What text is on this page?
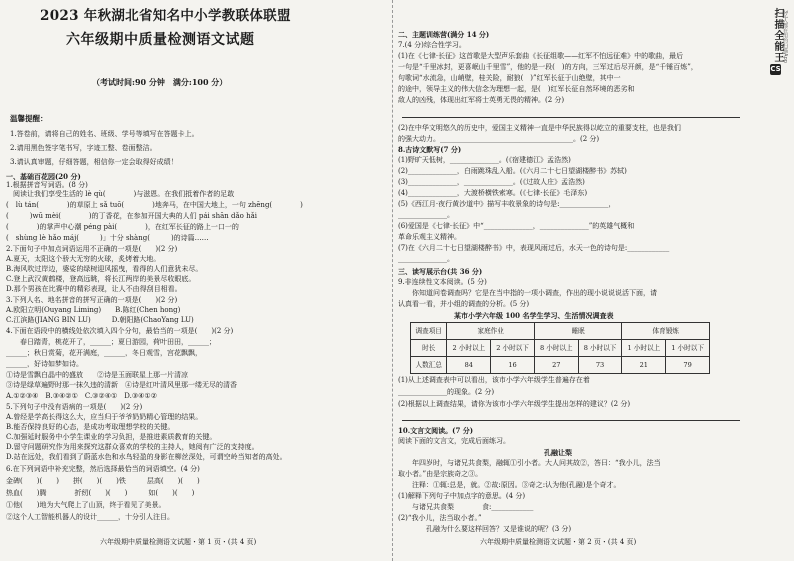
2023 年秋湖北省知名中小学教联体联盟
六年级期中质量检测语文试题
（考试时间:90 分钟　满分:100 分）
温馨提醒：
1.答卷前，请将自己的姓名、班级、学号等填写在答题卡上。
2.请用黑色签字笔书写，字迹工整、卷面整洁。
3.请认真审题，仔细答题，相信你一定会取得好成绩！
一、基础百花园(20 分)
1.根据拼音写词语。(8 分)
　阅读让我们享受生活的 lè qù(　　　　)与滋恩。在我们抵着作者的足敢
(　lù tán(　　　　)的草原上 sǎ tuō(　　　　)地奔马，在中国大地上，一句 zhēng(　　　　)
(　　　)wū mèi(　　　　)的丁香花，在参加开国大典的人们 pái shān dǎo hǎi
(　　　　)的掌声中心潮 péng pài(　　　　)，在红军长征的路上一口一的
(　shùng lè hǎo máj(　　　)」十分 shàng(　　　)的诗篇……
2.下面句子中加点词语运用不正确的一项是(　　)(2 分)
A.夏天，太阳这个骄大无穷的火球，炙烤着大地。
B.海风吹过岸边，婆娑的绿树迎风摇曳，看得的人们意犹未尽。
C.登上武汉黄鹤楼，登高远眺，将长江两岸的美景尽收眼底。
D.那个男孩在比赛中的精彩表现，让人不由得刮目相看。
3.下列人名、地名拼音的拼写正确的一项是(　　)(2 分)
A.欧阳立明(Ouyang Liming)　　B.陈红(Chen hong)
C.江滨路(JIANG BIN LU)　　　D.朝阳路(ChaoYang LU)
4.下面在语段中的横线处依次填入四个分句，最恰当的一项是(　　)(2 分)
　　春日踏青，桃花开了，______；夏日游园，荷叶田田，______；
______；秋日赏菊，花开满庭，______，冬日观雪，宫花飘飘，
______，好诗如梦如诗。
①诗是雪飘白晶中的盛放　　②诗是玉面联星上那一片清凉
③诗是绿草遍野时那一抹久违的清新　④诗是红叶清风里那一缕无尽的清香
A.①②③④　B.③④②①　C.③②④①　D.③④①②
5.下列句子中没有语病的一项是(　　)(2 分)
A.曾经是学高长得这么大，应当归于爷爷奶奶精心管理的结果。
B.能否保持良好的心态，是成功考取理想学校的关键。
C.加强延时服务中小学生课业的学习负担，是推进素质教育的关键。
D.留守问题研究作为用来探究这群众喜欢的学校的主持人，她阅有广泛的支持度。
D.站在远处，我们看到了蔚蓝水色和水鸟轻盈的身影在柳丝深处，可谓空岭当知者的高处。
6.在下列词语中补充完整，然后选择最恰当的词语填空。(4 分)
金碑(　　)(　　)　　拼(　　)(　　)铁　　　层高(　　)(　　)
热血(　　)腾　　　　折纫(　　)(　　)　　　如(　　)(　　)
①他(　　)地为大气爬上了山顶，终于看见了美景。
②这个人工智能机器人的设计______，十分引人注目。
六年级期中质量检测语文试题・第 1 页・(共 4 页)
二、主题训练营(满分 14 分)
7.(4 分)综合性学习。
(1)在《七律·长征》这首歌是大型声乐套曲《长征组歌——红军不怕远征难》中的歌曲，最后
一句是“千里冰封，更喜岷山千里雪”，他的是一段(　)的方向，三军过后尽开颜，是“千锤百炼”，
句歌词“水流急，山峭壁，桂关险，耐狼(　)”红军长征于山绝壁，其中一
的途中，领导主义的伟大信念为理想一起，是(　)红军长征自然环境的恶劣和
敌人的凶残，体现出红军将士英勇无畏的精神。(2 分)
(2)在中华文明悠久的历史中，爱国主义精神一直是中华民族得以屹立的重要支柱，也是我们
的强大动力。______________________________________。(2 分)
8.古诗文默写(7 分)
(1)野旷天低树，______________。(《宿建德江》孟浩然)
(2)______________，白雨跳珠乱入船。(《六月二十七日望湖楼醉书》苏轼)
(3)______________，______________。(《过故人庄》孟浩然)
(4)______________，大渡桥横铁索寒。(《七律·长征》毛泽东)
(5)《西江月·夜行黄沙道中》描写丰收景象的诗句是:______________，
______________。
(6)爱国是《七律·长征》中“______________，______________”的英雄气概和
革命乐观主义精神。
(7)在《六月二十七日望湖楼醉书》中，表现风雨过后，水天一色的诗句是:____________
______________。
三、读写展示台(共 36 分)
9.非连续性文本阅读。(5 分)
　　你知道问卷调查吗？它是在当中指的一项小调查，作出的现小说说说活下面，请
认真看一看，并小组的调查的分析。(5 分)
某市小学六年级 100 名学生学习、生活情况调查表
调查项目	家庭作业		睡眠		体育锻炼	
时长	2 小时以上	2 小时以下	8 小时以上	8 小时以下	1 小时以上	1 小时以下
人数汇总	84	16	27	73	21	79
(1)从上述调查表中可以看出，该市小学六年级学生普遍存在着
______________的现象。(2 分)
(2)根据以上调查结果，请你为该市小学六年级学生提出怎样的建议？(2 分)
10.文言文阅读。(7 分)
阅读下面的文言文，完成后面练习。
孔融让梨
　　年四岁时，与诸兄共食梨，融辄①引小者。大人问其故②，答曰：“我小儿，法当
取小者。”由是宗族奇之③。
　　注释：①辄:总是，就。②故:原因。③奇之:认为他(孔融)是个奇才。
(1)解释下列句子中加点字的意思。(4 分)
　　与诸兄共食梨　　　　食:____________
(2)“我小儿，法当取小者。”　　　　　　　　　　　　　
　　　　孔融为什么要这样回答？又是谁说的呢？(3 分)
六年级期中质量检测语文试题・第 2 页・(共 4 页)
扫描全能王 3亿人都在用的扫描App
CS
